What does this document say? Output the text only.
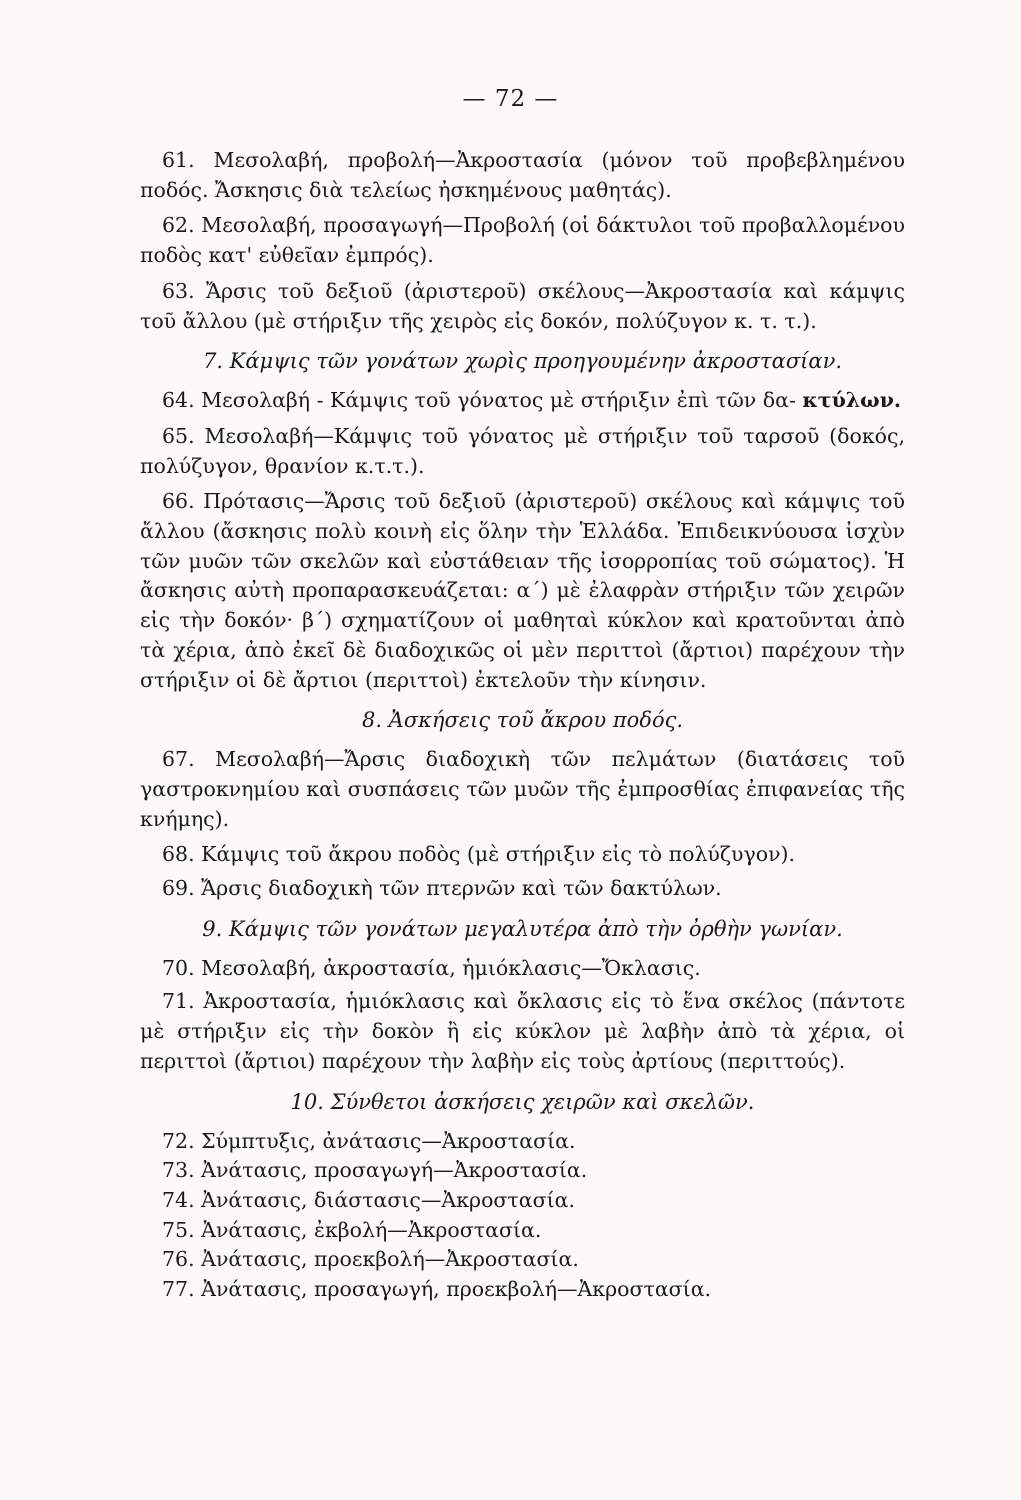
— 72 —

61. Μεσολαβή, προβολή—Ἀκροστασία (μόνον τοῦ προβεβλημένου ποδός. Ἄσκησις διὰ τελείως ἠσκημένους μαθητάς).

62. Μεσολαβή, προσαγωγή—Προβολή (οἱ δάκτυλοι τοῦ προβαλλομένου ποδὸς κατ' εὐθεῖαν ἐμπρός).

63. Ἄρσις τοῦ δεξιοῦ (ἀριστεροῦ) σκέλους—Ἀκροστασία καὶ κάμψις τοῦ ἄλλου (μὲ στήριξιν τῆς χειρὸς εἰς δοκόν, πολύζυγον κ. τ. τ.).

7. Κάμψις τῶν γονάτων χωρὶς προηγουμένην ἀκροστασίαν.

64. Μεσολαβή - Κάμψις τοῦ γόνατος μὲ στήριξιν ἐπὶ τῶν δα- κτύλων.

65. Μεσολαβή—Κάμψις τοῦ γόνατος μὲ στήριξιν τοῦ ταρσοῦ (δοκός, πολύζυγον, θρανίον κ.τ.τ.).

66. Πρότασις—Ἄρσις τοῦ δεξιοῦ (ἀριστεροῦ) σκέλους καὶ κάμψις τοῦ ἄλλου (ἄσκησις πολὺ κοινὴ εἰς ὅλην τὴν Ἑλλάδα. Ἐπιδεικνύουσα ἰσχὺν τῶν μυῶν τῶν σκελῶν καὶ εὐστάθειαν τῆς ἰσορροπίας τοῦ σώματος). Ἡ ἄσκησις αὐτὴ προπαρασκευάζεται: α΄) μὲ ἐλαφρὰν στήριξιν τῶν χειρῶν εἰς τὴν δοκόν· β΄) σχηματίζουν οἱ μαθηταὶ κύκλον καὶ κρατοῦνται ἀπὸ τὰ χέρια, ἀπὸ ἐκεῖ δὲ διαδοχικῶς οἱ μὲν περιττοὶ (ἄρτιοι) παρέχουν τὴν στήριξιν οἱ δὲ ἄρτιοι (περιττοὶ) ἐκτελοῦν τὴν κίνησιν.

8. Ἀσκήσεις τοῦ ἄκρου ποδός.

67. Μεσολαβή—Ἄρσις διαδοχικὴ τῶν πελμάτων (διατάσεις τοῦ γαστροκνημίου καὶ συσπάσεις τῶν μυῶν τῆς ἐμπροσθίας ἐπιφανείας τῆς κνήμης).

68. Κάμψις τοῦ ἄκρου ποδὸς (μὲ στήριξιν εἰς τὸ πολύζυγον).

69. Ἄρσις διαδοχικὴ τῶν πτερνῶν καὶ τῶν δακτύλων.

9. Κάμψις τῶν γονάτων μεγαλυτέρα ἀπὸ τὴν ὀρθὴν γωνίαν.

70. Μεσολαβή, ἀκροστασία, ἡμιόκλασις—Ὄκλασις.

71. Ἀκροστασία, ἡμιόκλασις καὶ ὄκλασις εἰς τὸ ἕνα σκέλος (πάντοτε μὲ στήριξιν εἰς τὴν δοκὸν ἢ εἰς κύκλον μὲ λαβὴν ἀπὸ τὰ χέρια, οἱ περιττοὶ (ἄρτιοι) παρέχουν τὴν λαβὴν εἰς τοὺς ἀρτίους (περιττούς).

10. Σύνθετοι ἀσκήσεις χειρῶν καὶ σκελῶν.

72. Σύμπτυξις, ἀνάτασις—Ἀκροστασία.

73. Ἀνάτασις, προσαγωγή—Ἀκροστασία.

74. Ἀνάτασις, διάστασις—Ἀκροστασία.

75. Ἀνάτασις, ἐκβολή—Ἀκροστασία.

76. Ἀνάτασις, προεκβολή—Ἀκροστασία.

77. Ἀνάτασις, προσαγωγή, προεκβολή—Ἀκροστασία.
